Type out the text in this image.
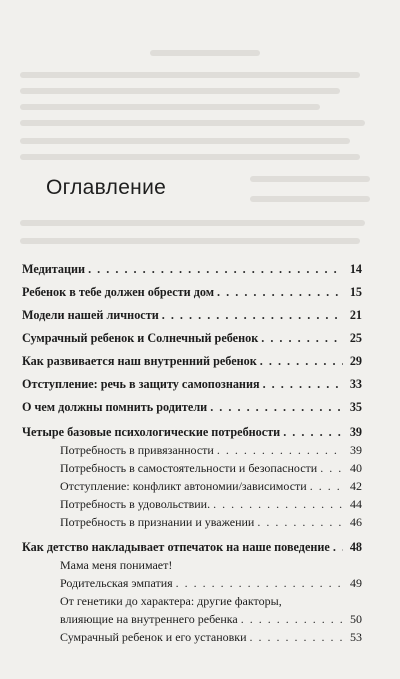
Оглавление
Медитации . . .	14
Ребенок в тебе должен обрести дом . . .	15
Модели нашей личности . . .	21
Сумрачный ребенок и Солнечный ребенок . . .	25
Как развивается наш внутренний ребенок . . .	29
Отступление: речь в защиту самопознания . . .	33
О чем должны помнить родители . . .	35
Четыре базовые психологические потребности . . .	39
Потребность в привязанности . . .	39
Потребность в самостоятельности и безопасности . . .	40
Отступление: конфликт автономии/зависимости . . .	42
Потребность в удовольствии. . . .	44
Потребность в признании и уважении . . .	46
Как детство накладывает отпечаток на наше поведение . . .	48
Мама меня понимает!
Родительская эмпатия . . .	49
От генетики до характера: другие факторы,
влияющие на внутреннего ребенка . . .	50
Сумрачный ребенок и его установки . . .	53
